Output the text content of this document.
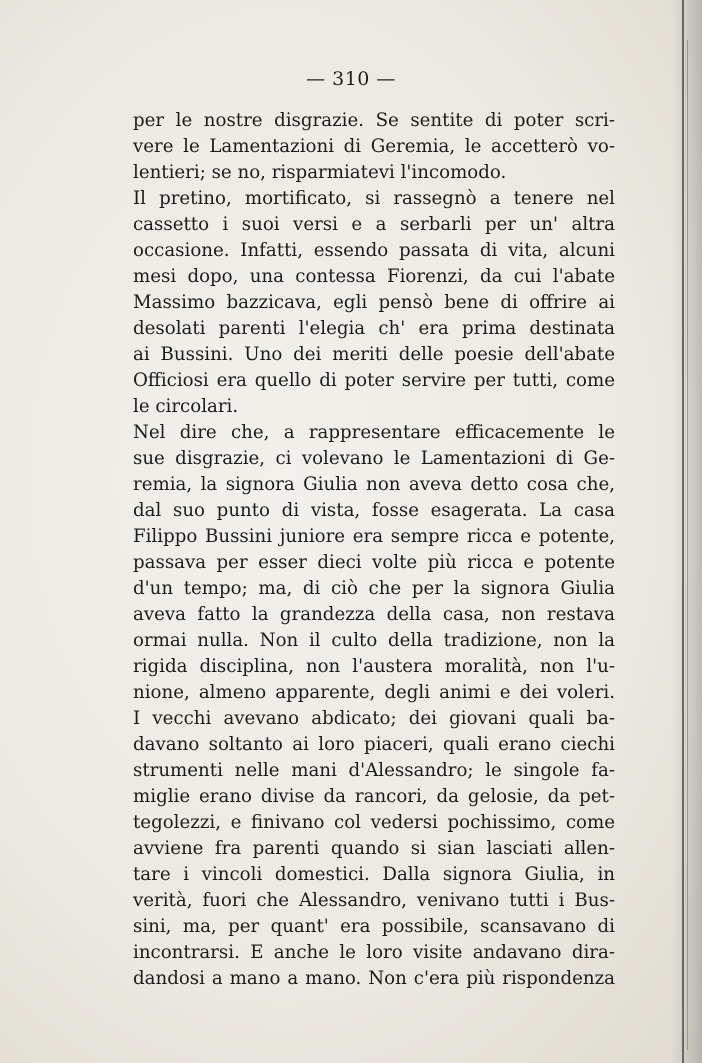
— 310 —

per le nostre disgrazie. Se sentite di poter scri-

vere le Lamentazioni di Geremia, le accetterò vo-

lentieri; se no, risparmiatevi l'incomodo.

Il pretino, mortificato, si rassegnò a tenere nel

cassetto i suoi versi e a serbarli per un' altra

occasione. Infatti, essendo passata di vita, alcuni

mesi dopo, una contessa Fiorenzi, da cui l'abate

Massimo bazzicava, egli pensò bene di offrire ai

desolati parenti l'elegia ch' era prima destinata

ai Bussini. Uno dei meriti delle poesie dell'abate

Officiosi era quello di poter servire per tutti, come

le circolari.

Nel dire che, a rappresentare efficacemente le

sue disgrazie, ci volevano le Lamentazioni di Ge-

remia, la signora Giulia non aveva detto cosa che,

dal suo punto di vista, fosse esagerata. La casa

Filippo Bussini juniore era sempre ricca e potente,

passava per esser dieci volte più ricca e potente

d'un tempo; ma, di ciò che per la signora Giulia

aveva fatto la grandezza della casa, non restava

ormai nulla. Non il culto della tradizione, non la

rigida disciplina, non l'austera moralità, non l'u-

nione, almeno apparente, degli animi e dei voleri.

I vecchi avevano abdicato; dei giovani quali ba-

davano soltanto ai loro piaceri, quali erano ciechi

strumenti nelle mani d'Alessandro; le singole fa-

miglie erano divise da rancori, da gelosie, da pet-

tegolezzi, e finivano col vedersi pochissimo, come

avviene fra parenti quando si sian lasciati allen-

tare i vincoli domestici. Dalla signora Giulia, in

verità, fuori che Alessandro, venivano tutti i Bus-

sini, ma, per quant' era possibile, scansavano di

incontrarsi. E anche le loro visite andavano dira-

dandosi a mano a mano. Non c'era più rispondenza
